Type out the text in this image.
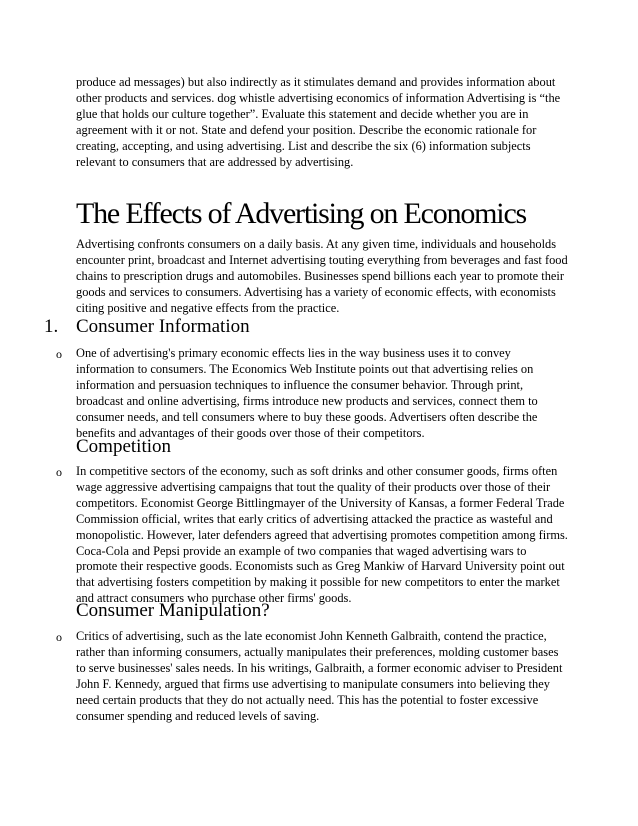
produce ad messages) but also indirectly as it stimulates demand and provides information about other products and services. dog whistle advertising economics of information Advertising is “the glue that holds our culture together”. Evaluate this statement and decide whether you are in agreement with it or not. State and defend your position. Describe the economic rationale for creating, accepting, and using advertising. List and describe the six (6) information subjects relevant to consumers that are addressed by advertising.

The Effects of Advertising on Economics

Advertising confronts consumers on a daily basis. At any given time, individuals and households encounter print, broadcast and Internet advertising touting everything from beverages and fast food chains to prescription drugs and automobiles. Businesses spend billions each year to promote their goods and services to consumers. Advertising has a variety of economic effects, with economists citing positive and negative effects from the practice.

1. Consumer Information
o One of advertising's primary economic effects lies in the way business uses it to convey information to consumers. The Economics Web Institute points out that advertising relies on information and persuasion techniques to influence the consumer behavior. Through print, broadcast and online advertising, firms introduce new products and services, connect them to consumer needs, and tell consumers where to buy these goods. Advertisers often describe the benefits and advantages of their goods over those of their competitors.

Competition
o In competitive sectors of the economy, such as soft drinks and other consumer goods, firms often wage aggressive advertising campaigns that tout the quality of their products over those of their competitors. Economist George Bittlingmayer of the University of Kansas, a former Federal Trade Commission official, writes that early critics of advertising attacked the practice as wasteful and monopolistic. However, later defenders agreed that advertising promotes competition among firms. Coca-Cola and Pepsi provide an example of two companies that waged advertising wars to promote their respective goods. Economists such as Greg Mankiw of Harvard University point out that advertising fosters competition by making it possible for new competitors to enter the market and attract consumers who purchase other firms' goods.

Consumer Manipulation?
o Critics of advertising, such as the late economist John Kenneth Galbraith, contend the practice, rather than informing consumers, actually manipulates their preferences, molding customer bases to serve businesses' sales needs. In his writings, Galbraith, a former economic adviser to President John F. Kennedy, argued that firms use advertising to manipulate consumers into believing they need certain products that they do not actually need. This has the potential to foster excessive consumer spending and reduced levels of saving.
